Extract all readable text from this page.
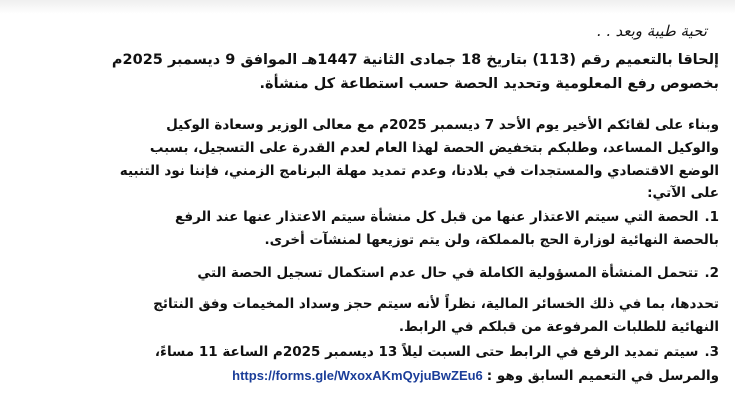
تحية طيبة وبعد . .
إلحاقا بالتعميم رقم (113) بتاريخ 18 جمادى الثانية 1447هـ الموافق 9 ديسمبر 2025م
بخصوص رفع المعلومية وتحديد الحصة حسب استطاعة كل منشأة.
وبناء على لقائكم الأخير يوم الأحد 7 ديسمبر 2025م مع معالى الوزير وسعادة الوكيل
والوكيل المساعد، وطلبكم بتخفيض الحصة لهذا العام لعدم القدرة على التسجيل، بسبب
الوضع الاقتصادي والمستجدات في بلادنا، وعدم تمديد مهلة البرنامج الزمني، فإننا نود التنبيه
على الآتي:
1.الحصة التي سيتم الاعتذار عنها من قبل كل منشأة سيتم الاعتذار عنها عند الرفع
بالحصة النهائية لوزارة الحج بالمملكة، ولن يتم توزيعها لمنشآت أخرى.
2.تتحمل المنشأة المسؤولية الكاملة في حال عدم استكمال تسجيل الحصة التي
تحددها، بما في ذلك الخسائر المالية، نظراً لأنه سيتم حجز وسداد المخيمات وفق النتائج
النهائية للطلبات المرفوعة من قبلكم في الرابط.
3.سيتم تمديد الرفع في الرابط حتى السبت ليلاً 13 ديسمبر 2025م الساعة 11 مساءً،
والمرسل في التعميم السابق وهو :https://forms.gle/WxoxAKmQyjuBwZEu6
